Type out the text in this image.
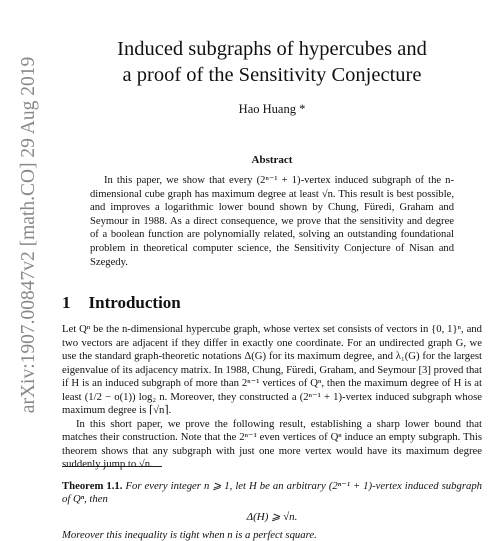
arXiv:1907.00847v2 [math.CO] 29 Aug 2019
Induced subgraphs of hypercubes and
a proof of the Sensitivity Conjecture
Hao Huang *
Abstract

In this paper, we show that every (2ⁿ⁻¹ + 1)-vertex induced subgraph of the n-dimensional cube graph has maximum degree at least √n. This result is best possible, and improves a logarithmic lower bound shown by Chung, Füredi, Graham and Seymour in 1988. As a direct consequence, we prove that the sensitivity and degree of a boolean function are polynomially related, solving an outstanding foundational problem in theoretical computer science, the Sensitivity Conjecture of Nisan and Szegedy.

1 Introduction

Let Qⁿ be the n-dimensional hypercube graph, whose vertex set consists of vectors in {0, 1}ⁿ, and two vectors are adjacent if they differ in exactly one coordinate. For an undirected graph G, we use the standard graph-theoretic notations Δ(G) for its maximum degree, and λ₁(G) for the largest eigenvalue of its adjacency matrix. In 1988, Chung, Füredi, Graham, and Seymour [3] proved that if H is an induced subgraph of more than 2ⁿ⁻¹ vertices of Qⁿ, then the maximum degree of H is at least (1/2 − o(1)) log₂ n. Moreover, they constructed a (2ⁿ⁻¹ + 1)-vertex induced subgraph whose maximum degree is ⌈√n⌉.

In this short paper, we prove the following result, establishing a sharp lower bound that matches their construction. Note that the 2ⁿ⁻¹ even vertices of Qⁿ induce an empty subgraph. This theorem shows that any subgraph with just one more vertex would have its maximum degree suddenly jump to √n.

Theorem 1.1. For every integer n ⩾ 1, let H be an arbitrary (2ⁿ⁻¹ + 1)-vertex induced subgraph of Qⁿ, then
Δ(H) ⩾ √n.
Moreover this inequality is tight when n is a perfect square.
